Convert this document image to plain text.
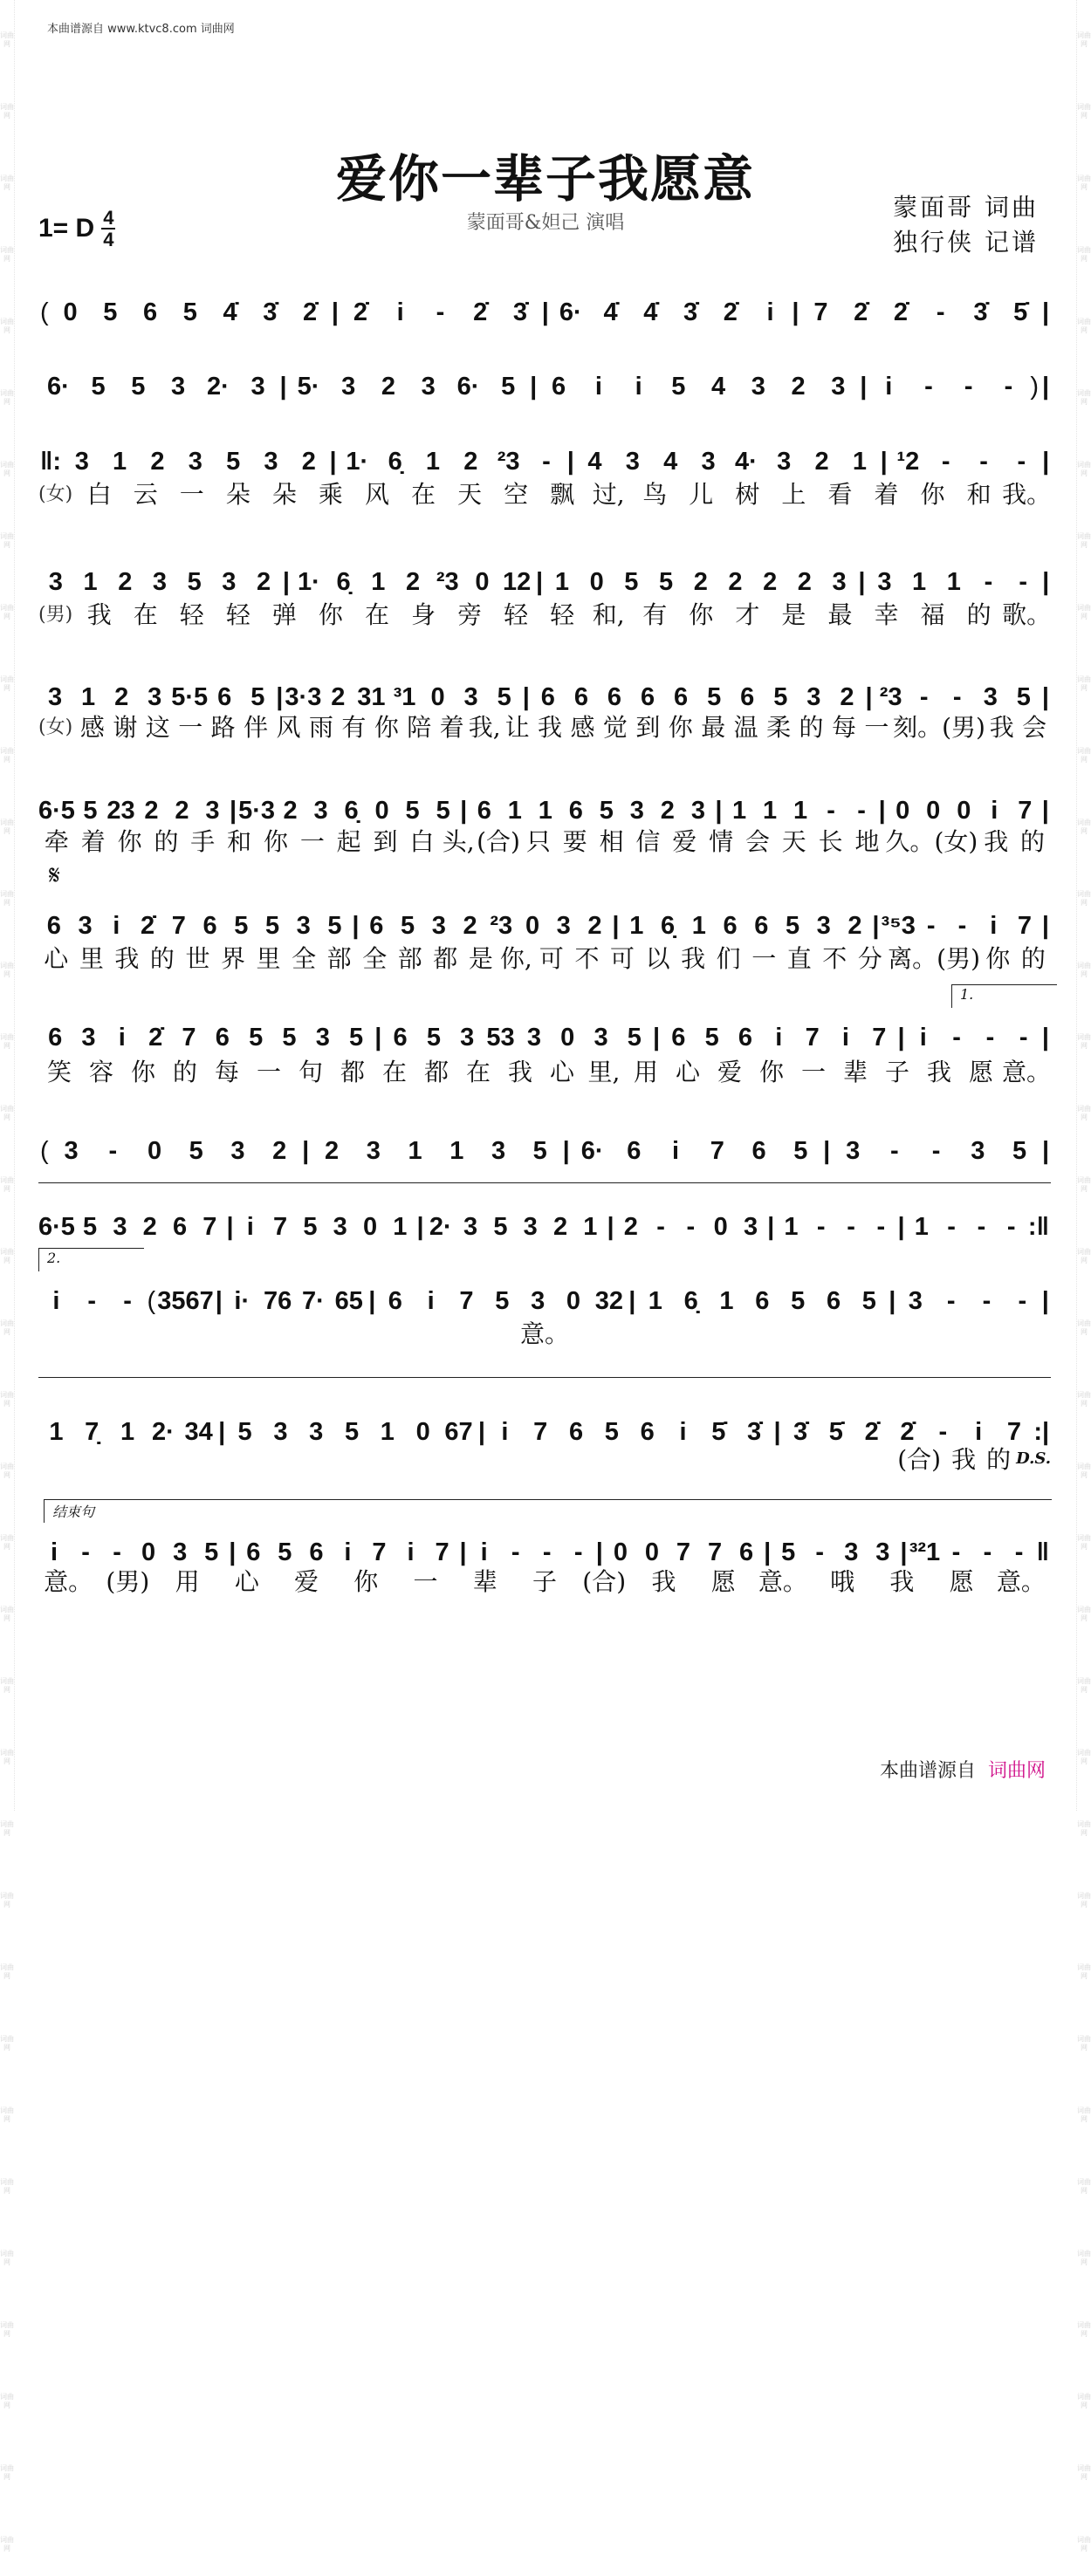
词曲网
词曲网
词曲网
词曲网
词曲网
词曲网
词曲网
词曲网
词曲网
词曲网
词曲网
词曲网
词曲网
词曲网
词曲网
词曲网
词曲网
词曲网
词曲网
词曲网
词曲网
词曲网
词曲网
词曲网
词曲网
词曲网
词曲网
词曲网
词曲网
词曲网
词曲网
词曲网
词曲网
词曲网
词曲网
词曲网
词曲网
词曲网
词曲网
词曲网
词曲网
词曲网
词曲网
词曲网
词曲网
词曲网
词曲网
词曲网
词曲网
词曲网
词曲网
词曲网
词曲网
词曲网
词曲网
词曲网
词曲网
词曲网
词曲网
词曲网
词曲网
词曲网
词曲网
词曲网
词曲网
词曲网
词曲网
词曲网
词曲网
词曲网
词曲网
词曲网
本曲谱源自 www.ktvc8.com 词曲网
爱你一辈子我愿意
蒙面哥&妲己 演唱
蒙面哥 词曲
独行侠 记谱
1= D $\frac{4}{4}$
( 0	5	6	5	4̇	3̇	2̇ | 2̇	i	-	2̇	3̇ | 6· 4̇	4̇	3̇	2̇	i | 7	2̇	2̇	-	3̇	5̇ |
6· 5	5	3 2· 3 | 5· 3	2	3 6· 5 | 6	i	i	5	4	3	2	3 | i	-	-	- ) |
‖: 3 1 2 3 5 3 2 | 1· 6̣ 1 2 ²3 - | 4 3 4 3 4· 3 2 1 | ¹2 -	-	- |
(女) 白 云 一 朵 朵 乘 风 在 天 空 飘 过, 鸟 儿 树 上 看 着 你 和 我。
3 1 2 3 5 3 2 | 1· 6̣ 1 2 ²3 0 12 | 1 0 5 5 2 2 2 2 3 | 3 1 1 -	- |
(男) 我 在 轻 轻 弹 你 在 身 旁 轻 轻 和, 有 你 才 是 最 幸 福 的 歌。
3 1 2 3 5·5 6 5 | 3·3 2 31 ³1 0 3 5 | 6 6 6 6 6 5 6 5 3 2 | ²3 - - 3 5 |
(女) 感 谢 这 一 路 伴 风 雨 有 你 陪 着 我, 让 我 感 觉 到 你 最 温 柔 的 每 一 刻。 (男) 我 会
6·5 5 23 2 2 3 | 5·3 2 3 6̣ 0 5 5 | 6 1 1 6 5 3 2 3 | 1 1 1 - - | 0 0 0 i 7 |
牵 着 你 的 手 和 你 一 起 到 白 头, (合) 只 要 相 信 爱 情 会 天 长 地 久。 (女) 我 的
6 3 i 2̇ 7 6 5 5 3 5 | 6 5 3 2 ²3 0 3 2 | 1 6̣ 1 6 6 5 3 2 | ³⁵3 - - i 7 |
心 里 我 的 世 界 里 全 部 全 部 都 是 你, 可 不 可 以 我 们 一 直 不 分 离。 (男) 你 的
6 3 i 2̇ 7 6 5 5 3 5 | 6 5 3 53 3 0 3 5 | 6 5 6 i 7 i 7 | i	- - - |
1.
笑 容 你 的 每 一 句 都 在 都 在 我 心 里, 用 心 爱 你 一 辈 子 我 愿 意。
( 3	-	0	5	3	2 | 2	3	1	1	3	5 | 6· 6	i	7	6	5 | 3	-	-	3	5 |
6·5 5 3 2 6 7 | i 7 5 3 0 1 | 2· 3 5 3 2 1 | 2 - - 0 3 | 1 - - - | 1 - - - :‖
i	-	- ( 3567 | i· 76 7· 65 | 6 i 7 5 3 0 32 | 1 6̣ 1 6 5 6 5 | 3 -	-	- |
2.
意。
1 7̣ 1 2· 34 | 5 3 3 5 1 0 67 | i 7 6 5 6 i 5̇ 3̇ | 3̇ 5̇ 2̇ 2̇ -	i 7 :|
(合) 我 的 D.S.
i - - 0 3 5 | 6 5 6 i 7 i 7 | i - - - | 0 0 7 7 6 | 5 - 3 3 | ³²1 - - - ‖
结束句
意。 (男)	用	心	爱	你	一	辈	子	(合)	我	愿 意。 哦	我	愿 意。
𝄋
本曲谱源自 词曲网
